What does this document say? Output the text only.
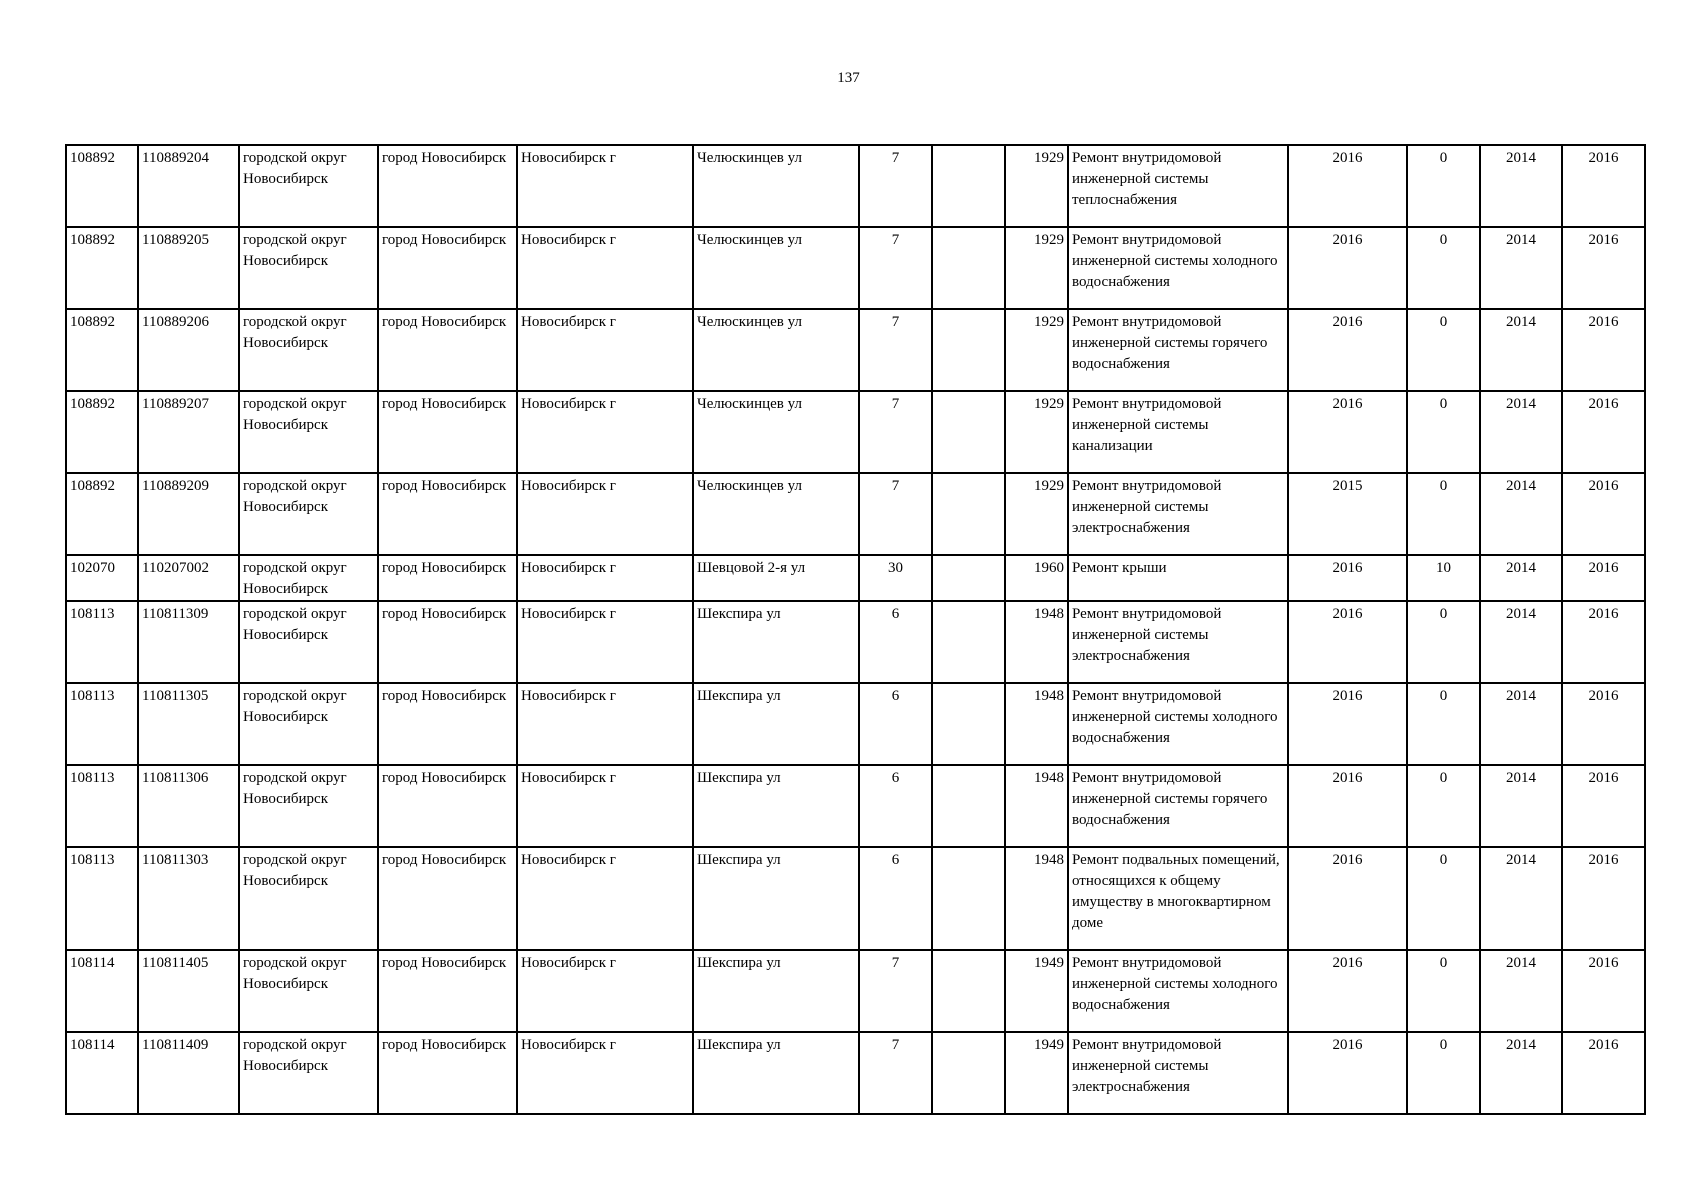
137
108892	110889204	городской округ Новосибирск	город Новосибирск	Новосибирск г	Челюскинцев ул	7		1929	Ремонт внутридомовой инженерной системы теплоснабжения	2016	0	2014	2016
108892	110889205	городской округ Новосибирск	город Новосибирск	Новосибирск г	Челюскинцев ул	7		1929	Ремонт внутридомовой инженерной системы холодного водоснабжения	2016	0	2014	2016
108892	110889206	городской округ Новосибирск	город Новосибирск	Новосибирск г	Челюскинцев ул	7		1929	Ремонт внутридомовой инженерной системы горячего водоснабжения	2016	0	2014	2016
108892	110889207	городской округ Новосибирск	город Новосибирск	Новосибирск г	Челюскинцев ул	7		1929	Ремонт внутридомовой инженерной системы канализации	2016	0	2014	2016
108892	110889209	городской округ Новосибирск	город Новосибирск	Новосибирск г	Челюскинцев ул	7		1929	Ремонт внутридомовой инженерной системы электроснабжения	2015	0	2014	2016
102070	110207002	городской округ Новосибирск	город Новосибирск	Новосибирск г	Шевцовой 2-я ул	30		1960	Ремонт крыши	2016	10	2014	2016
108113	110811309	городской округ Новосибирск	город Новосибирск	Новосибирск г	Шекспира ул	6		1948	Ремонт внутридомовой инженерной системы электроснабжения	2016	0	2014	2016
108113	110811305	городской округ Новосибирск	город Новосибирск	Новосибирск г	Шекспира ул	6		1948	Ремонт внутридомовой инженерной системы холодного водоснабжения	2016	0	2014	2016
108113	110811306	городской округ Новосибирск	город Новосибирск	Новосибирск г	Шекспира ул	6		1948	Ремонт внутридомовой инженерной системы горячего водоснабжения	2016	0	2014	2016
108113	110811303	городской округ Новосибирск	город Новосибирск	Новосибирск г	Шекспира ул	6		1948	Ремонт подвальных помещений, относящихся к общему имуществу в многоквартирном доме	2016	0	2014	2016
108114	110811405	городской округ Новосибирск	город Новосибирск	Новосибирск г	Шекспира ул	7		1949	Ремонт внутридомовой инженерной системы холодного водоснабжения	2016	0	2014	2016
108114	110811409	городской округ Новосибирск	город Новосибирск	Новосибирск г	Шекспира ул	7		1949	Ремонт внутридомовой инженерной системы электроснабжения	2016	0	2014	2016
